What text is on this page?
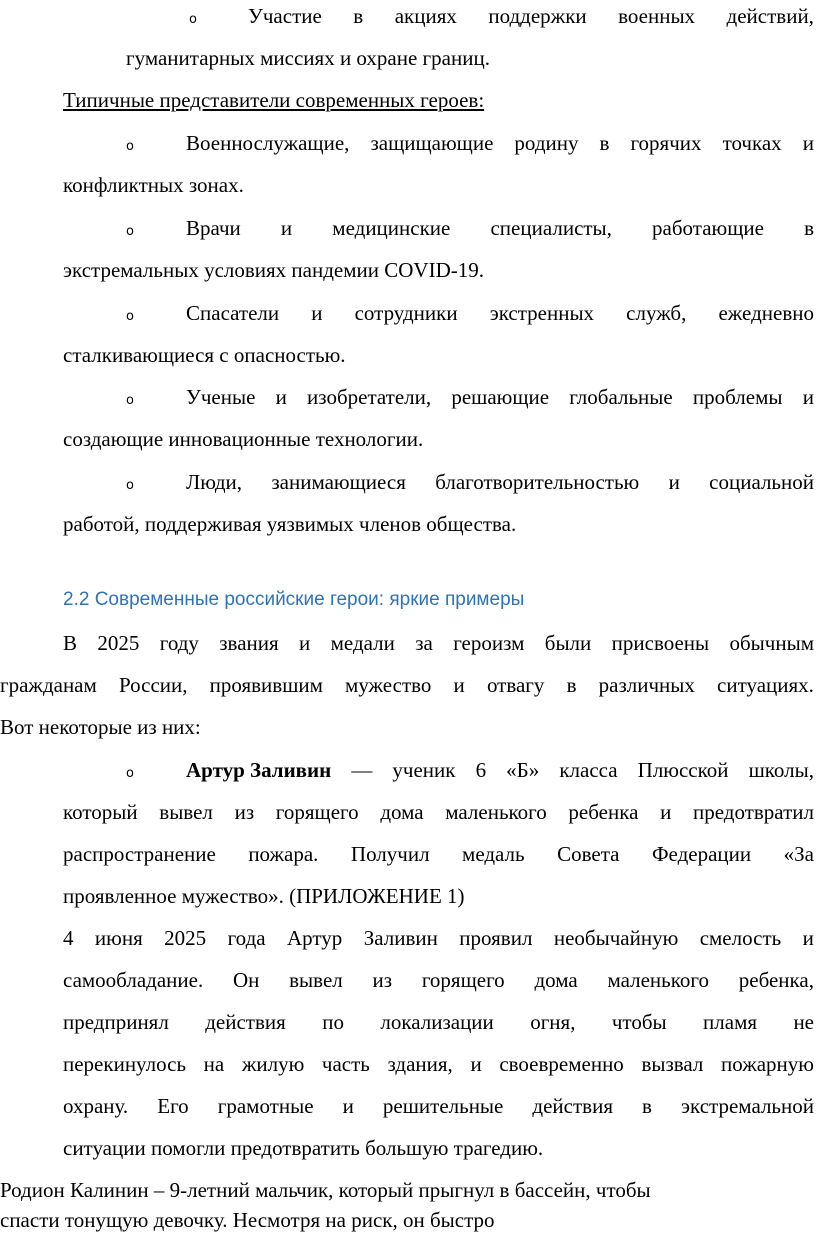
o Участие в акциях поддержки военных действий,
гуманитарных миссиях и охране границ.
Типичные представители современных героев:
o Военнослужащие, защищающие родину в горячих точках и
конфликтных зонах.
o Врачи и медицинские специалисты, работающие в
экстремальных условиях пандемии COVID-19.
o Спасатели и сотрудники экстренных служб, ежедневно
сталкивающиеся с опасностью.
o Ученые и изобретатели, решающие глобальные проблемы и
создающие инновационные технологии.
o Люди, занимающиеся благотворительностью и социальной
работой, поддерживая уязвимых членов общества.
2.2 Современные российские герои: яркие примеры
В 2025 году звания и медали за героизм были присвоены обычным
гражданам России, проявившим мужество и отвагу в различных ситуациях.
Вот некоторые из них:
o Артур Заливин — ученик 6 «Б» класса Плюсской школы,
который вывел из горящего дома маленького ребенка и предотвратил
распространение пожара. Получил медаль Совета Федерации «За
проявленное мужество». (ПРИЛОЖЕНИЕ 1)
4 июня 2025 года Артур Заливин проявил необычайную смелость и
самообладание. Он вывел из горящего дома маленького ребенка,
предпринял действия по локализации огня, чтобы пламя не
перекинулось на жилую часть здания, и своевременно вызвал пожарную
охрану. Его грамотные и решительные действия в экстремальной
ситуации помогли предотвратить большую трагедию.
Родион Калинин – 9-летний мальчик, который прыгнул в бассейн, чтобы
спасти тонущую девочку. Несмотря на риск, он быстро
